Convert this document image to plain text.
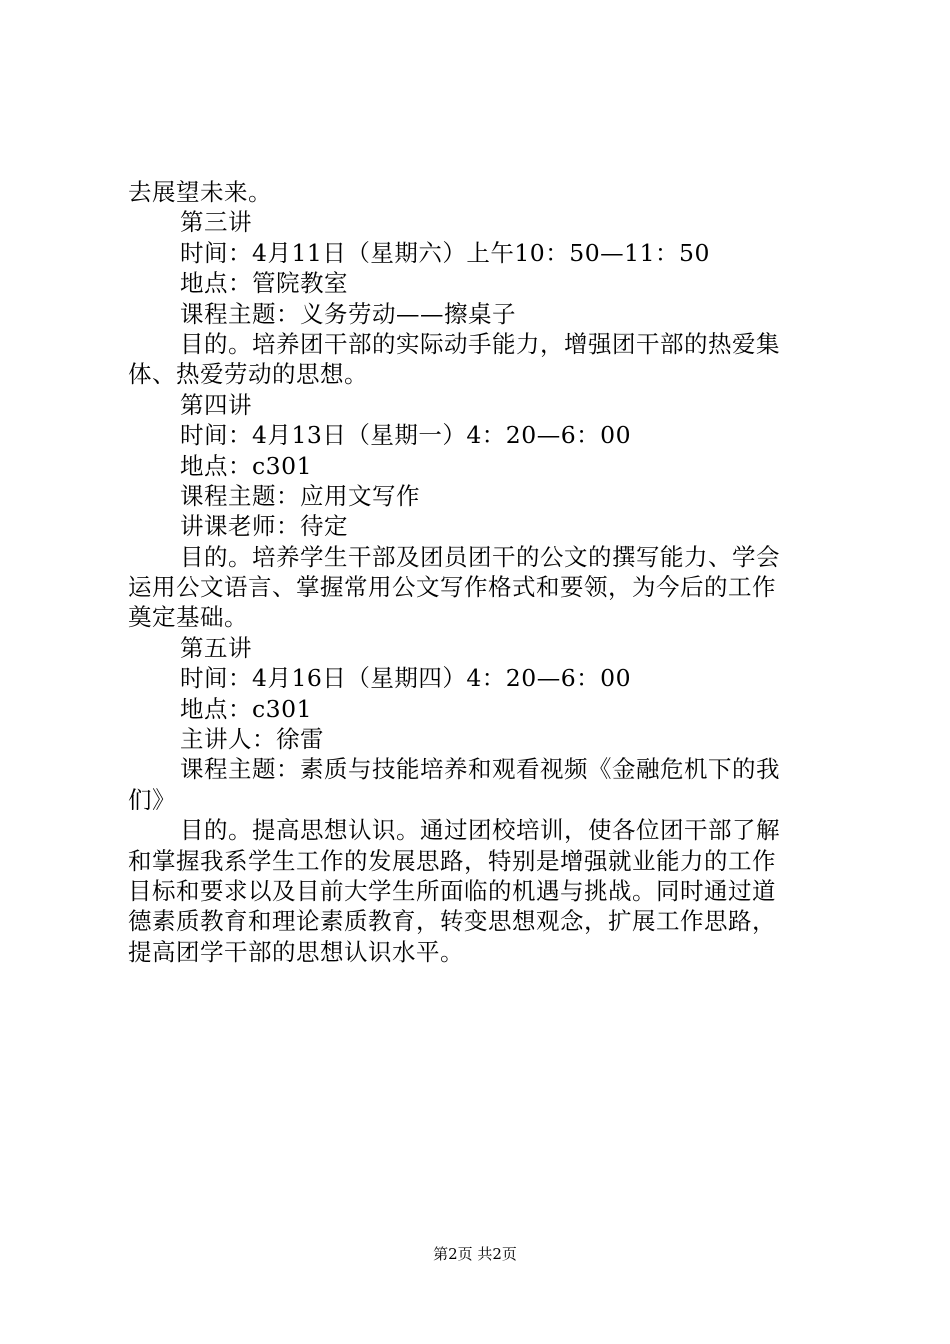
去展望未来。
第三讲
时间：4月11日（星期六）上午10：50—11：50
地点：管院教室
课程主题：义务劳动——擦桌子
目的。培养团干部的实际动手能力，增强团干部的热爱集
体、热爱劳动的思想。
第四讲
时间：4月13日（星期一）4：20—6：00
地点：c301
课程主题：应用文写作
讲课老师：待定
目的。培养学生干部及团员团干的公文的撰写能力、学会
运用公文语言、掌握常用公文写作格式和要领，为今后的工作
奠定基础。
第五讲
时间：4月16日（星期四）4：20—6：00
地点：c301
主讲人：徐雷
课程主题：素质与技能培养和观看视频《金融危机下的我
们》
目的。提高思想认识。通过团校培训，使各位团干部了解
和掌握我系学生工作的发展思路，特别是增强就业能力的工作
目标和要求以及目前大学生所面临的机遇与挑战。同时通过道
德素质教育和理论素质教育，转变思想观念，扩展工作思路，
提高团学干部的思想认识水平。
第2页 共2页
